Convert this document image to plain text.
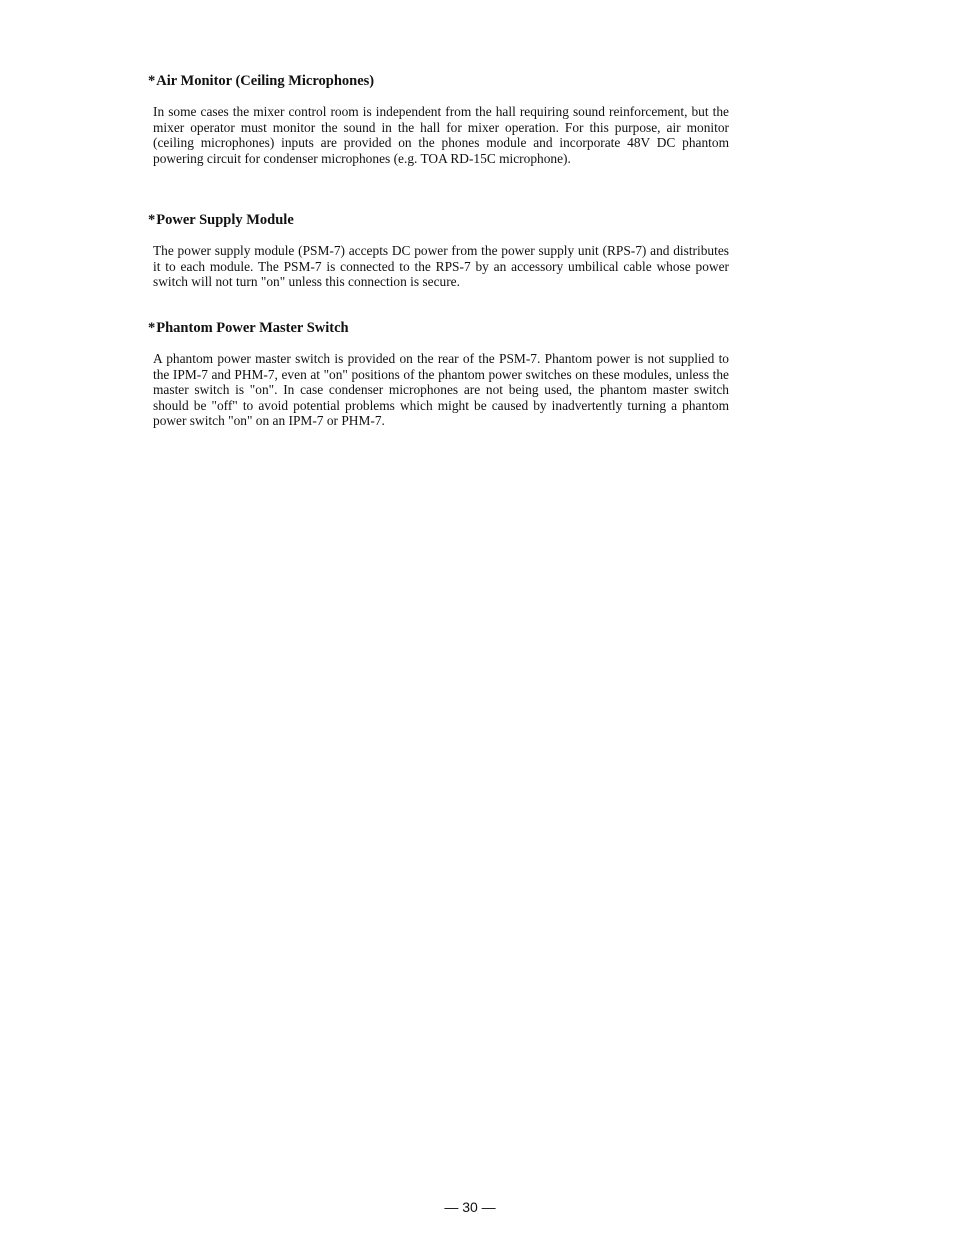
*Air Monitor (Ceiling Microphones)

In some cases the mixer control room is independent from the hall requiring sound reinforcement, but the mixer operator must monitor the sound in the hall for mixer operation. For this purpose, air monitor (ceiling microphones) inputs are provided on the phones module and incorporate 48V DC phantom powering circuit for condenser microphones (e.g. TOA RD-15C microphone).

*Power Supply Module

The power supply module (PSM-7) accepts DC power from the power supply unit (RPS-7) and distributes it to each module. The PSM-7 is connected to the RPS-7 by an accessory umbilical cable whose power switch will not turn "on" unless this connection is secure.

*Phantom Power Master Switch

A phantom power master switch is provided on the rear of the PSM-7. Phantom power is not supplied to the IPM-7 and PHM-7, even at "on" positions of the phantom power switches on these modules, unless the master switch is "on". In case condenser microphones are not being used, the phantom master switch should be "off" to avoid potential problems which might be caused by inadvertently turning a phantom power switch "on" on an IPM-7 or PHM-7.

— 30 —
